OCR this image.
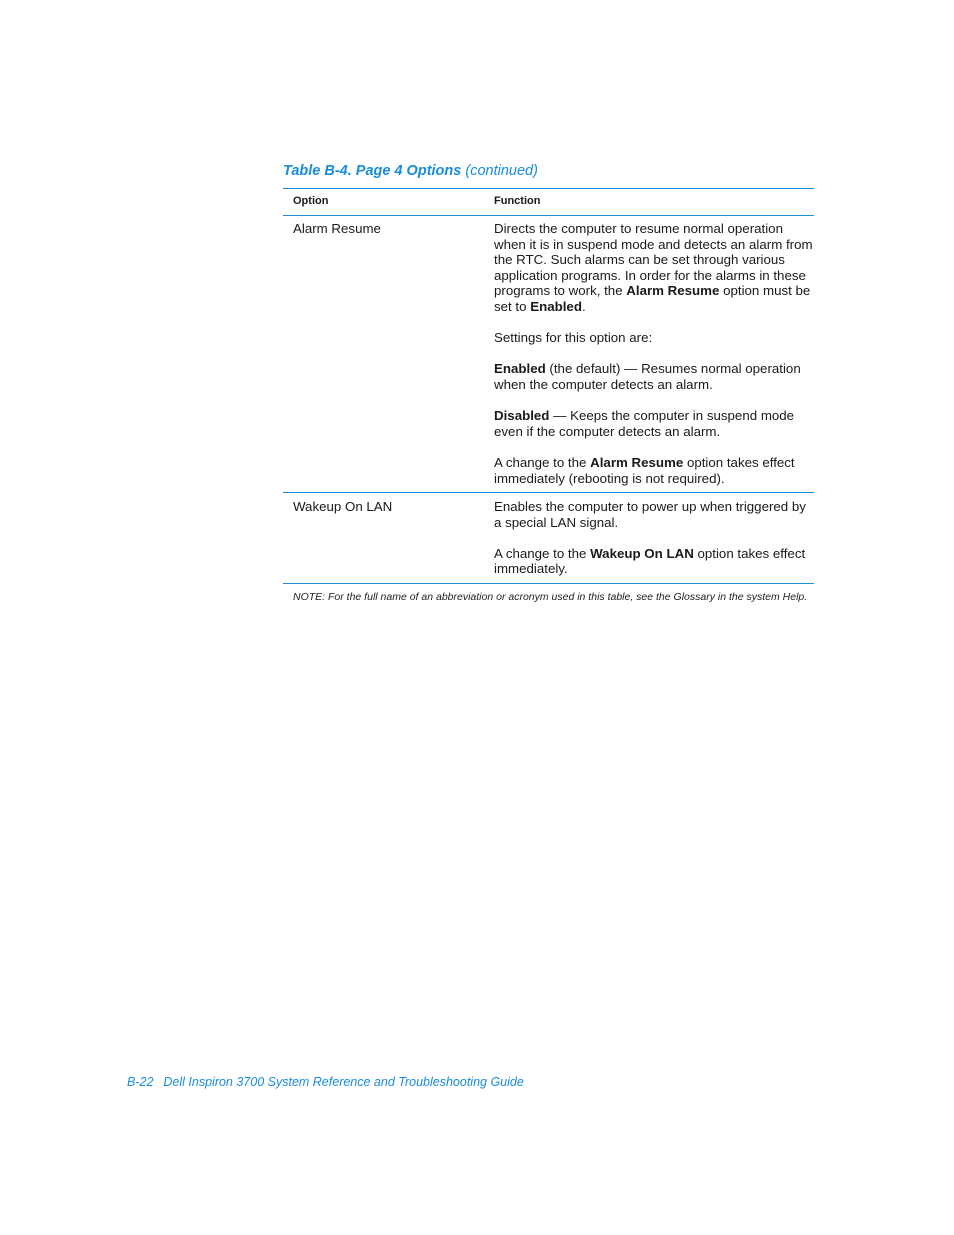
Table B-4. Page 4 Options (continued)
Option	Function
Alarm Resume	Directs the computer to resume normal operation when it is in suspend mode and detects an alarm from the RTC. Such alarms can be set through various application programs. In order for the alarms in these programs to work, the Alarm Resume option must be set to Enabled.

Settings for this option are:

Enabled (the default) — Resumes normal operation when the computer detects an alarm.

Disabled — Keeps the computer in suspend mode even if the computer detects an alarm.

A change to the Alarm Resume option takes effect immediately (rebooting is not required).

Wakeup On LAN	Enables the computer to power up when triggered by a special LAN signal.

A change to the Wakeup On LAN option takes effect immediately.

NOTE: For the full name of an abbreviation or acronym used in this table, see the Glossary in the system Help.
B-22 Dell Inspiron 3700 System Reference and Troubleshooting Guide
